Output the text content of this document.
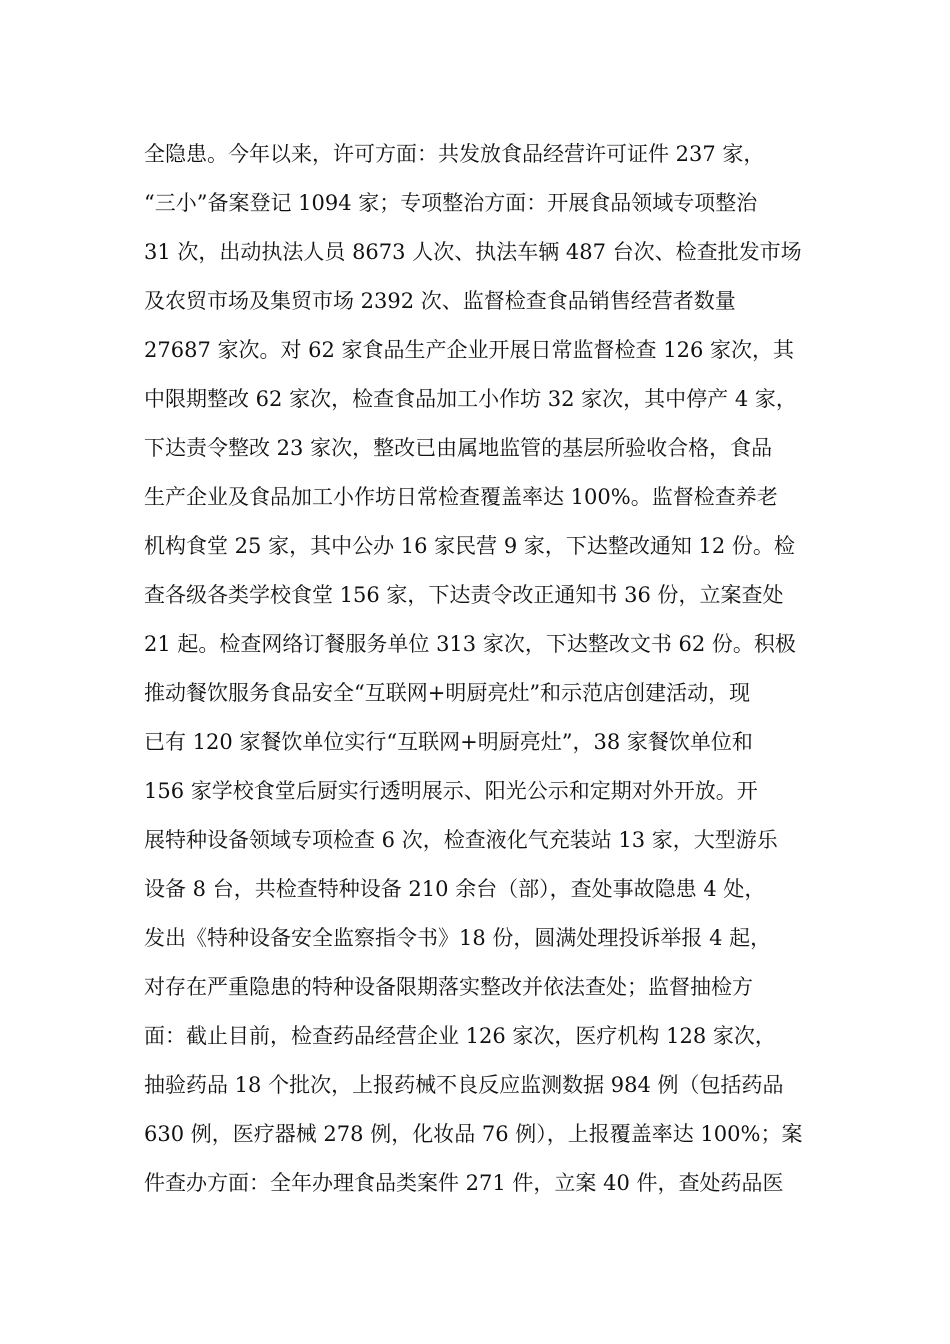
全隐患。今年以来，许可方面：共发放食品经营许可证件 237 家，
“三小”备案登记 1094 家；专项整治方面：开展食品领域专项整治
31 次，出动执法人员 8673 人次、执法车辆 487 台次、检查批发市场
及农贸市场及集贸市场 2392 次、监督检查食品销售经营者数量
27687 家次。对 62 家食品生产企业开展日常监督检查 126 家次，其
中限期整改 62 家次，检查食品加工小作坊 32 家次，其中停产 4 家，
下达责令整改 23 家次，整改已由属地监管的基层所验收合格，食品
生产企业及食品加工小作坊日常检查覆盖率达 100%。监督检查养老
机构食堂 25 家，其中公办 16 家民营 9 家，下达整改通知 12 份。检
查各级各类学校食堂 156 家，下达责令改正通知书 36 份，立案查处
21 起。检查网络订餐服务单位 313 家次，下达整改文书 62 份。积极
推动餐饮服务食品安全“互联网+明厨亮灶”和示范店创建活动，现
已有 120 家餐饮单位实行“互联网+明厨亮灶”，38 家餐饮单位和
156 家学校食堂后厨实行透明展示、阳光公示和定期对外开放。开
展特种设备领域专项检查 6 次，检查液化气充装站 13 家，大型游乐
设备 8 台，共检查特种设备 210 余台（部），查处事故隐患 4 处，
发出《特种设备安全监察指令书》18 份，圆满处理投诉举报 4 起，
对存在严重隐患的特种设备限期落实整改并依法查处；监督抽检方
面：截止目前，检查药品经营企业 126 家次，医疗机构 128 家次，
抽验药品 18 个批次，上报药械不良反应监测数据 984 例（包括药品
630 例，医疗器械 278 例，化妆品 76 例），上报覆盖率达 100%；案
件查办方面：全年办理食品类案件 271 件，立案 40 件，查处药品医
